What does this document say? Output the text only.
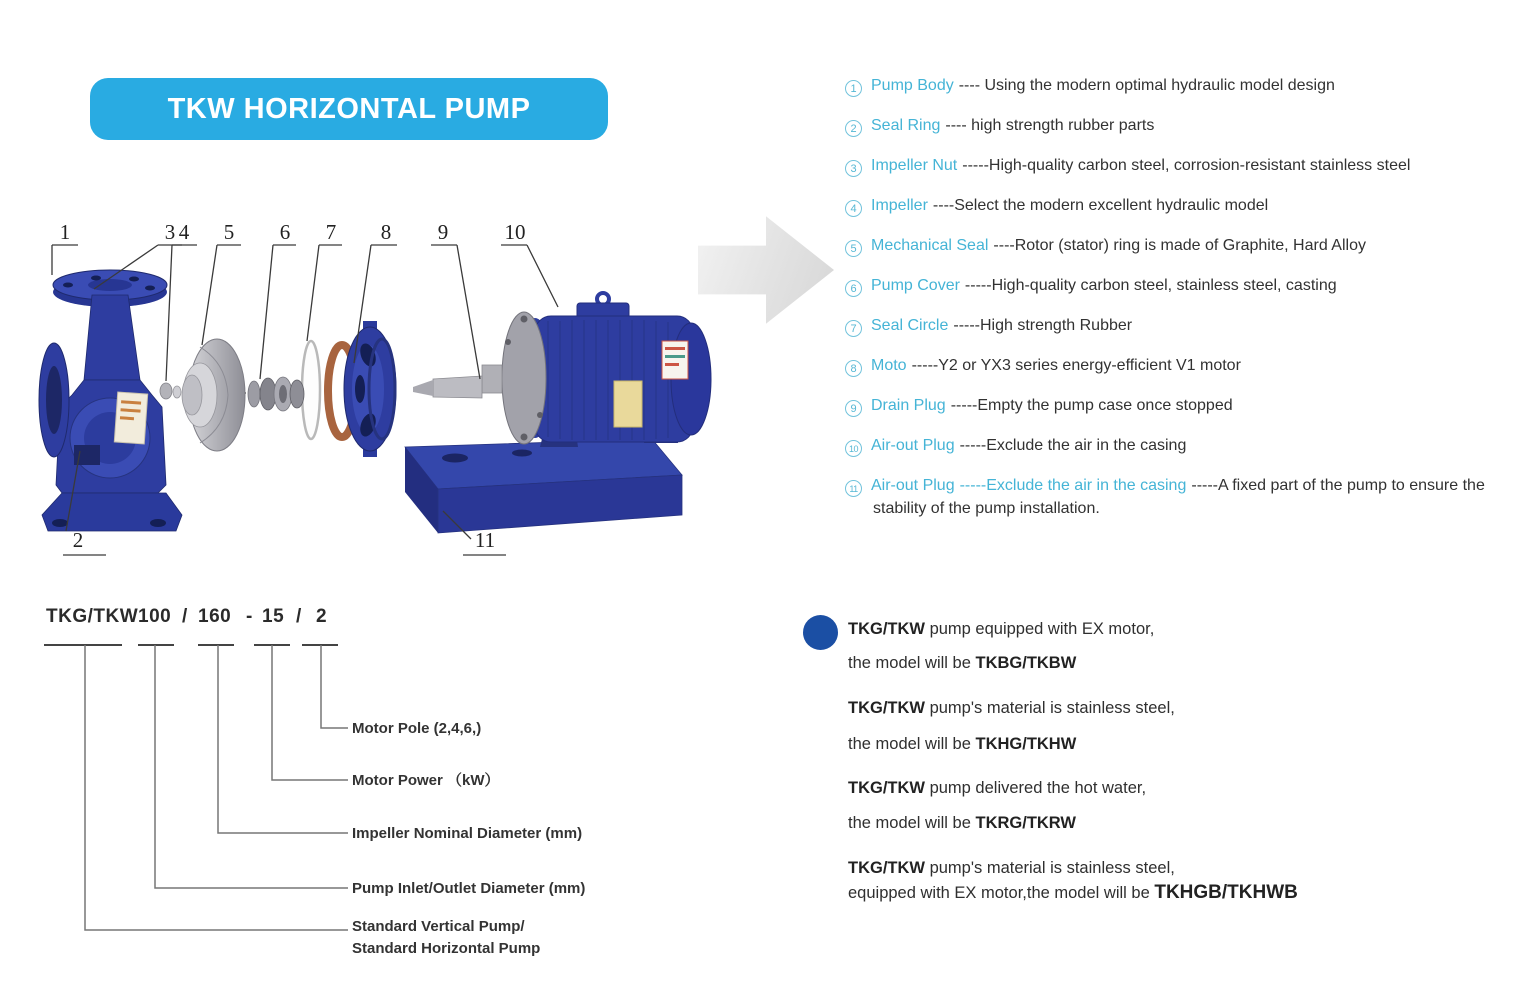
TKW HORIZONTAL PUMP
1	3 4 5 6 7 8 9	10
2	11
1 Pump Body ---- Using the modern optimal hydraulic model design
2 Seal Ring ---- high strength rubber parts
3 Impeller Nut -----High-quality carbon steel, corrosion-resistant stainless steel
4 Impeller ----Select the modern excellent hydraulic model
5 Mechanical Seal ----Rotor (stator) ring is made of Graphite, Hard Alloy
6 Pump Cover -----High-quality carbon steel, stainless steel, casting
7 Seal Circle -----High strength Rubber
8 Moto -----Y2 or YX3 series energy-efficient V1 motor
9 Drain Plug -----Empty the pump case once stopped
10 Air-out Plug -----Exclude the air in the casing
11 Air-out Plug -----Exclude the air in the casing -----A fixed part of the pump to ensure the stability of the pump installation.
TKG/TKW 100 / 160 - 15 / 2
Motor Pole (2,4,6,)
Motor Power （kW）
Impeller Nominal Diameter (mm)
Pump Inlet/Outlet Diameter (mm)
Standard Vertical Pump/
Standard Horizontal Pump
TKG/TKW pump equipped with EX motor,
the model will be TKBG/TKBW
TKG/TKW pump's material is stainless steel,
the model will be TKHG/TKHW
TKG/TKW pump delivered the hot water,
the model will be TKRG/TKRW
TKG/TKW pump's material is stainless steel,
equipped with EX motor,the model will be TKHGB/TKHWB
